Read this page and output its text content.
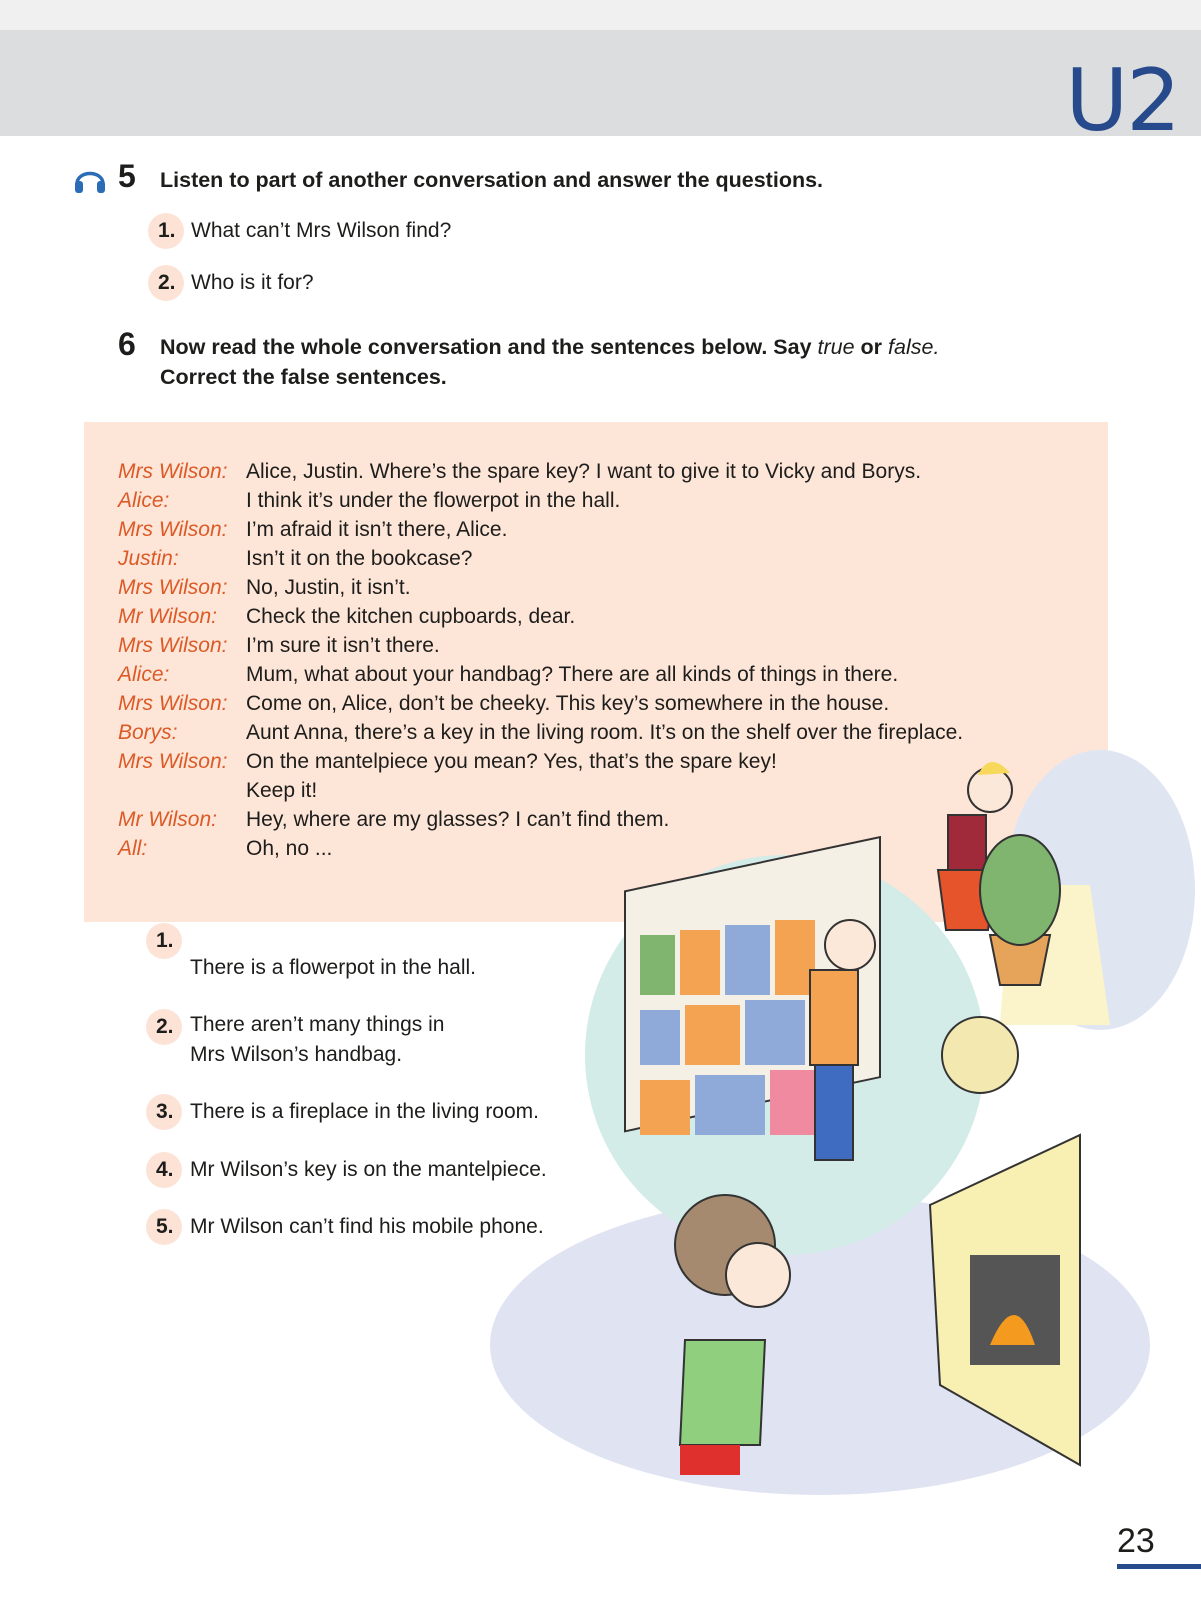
U2
5 Listen to part of another conversation and answer the questions.
1. What can’t Mrs Wilson find?
2. Who is it for?
6 Now read the whole conversation and the sentences below. Say true or false.
Correct the false sentences.
Mrs Wilson: Alice, Justin. Where’s the spare key? I want to give it to Vicky and Borys.
Alice:	I think it’s under the flowerpot in the hall.
Mrs Wilson: I’m afraid it isn’t there, Alice.
Justin:	Isn’t it on the bookcase?
Mrs Wilson: No, Justin, it isn’t.
Mr Wilson:	Check the kitchen cupboards, dear.
Mrs Wilson: I’m sure it isn’t there.
Alice:	Mum, what about your handbag? There are all kinds of things in there.
Mrs Wilson: Come on, Alice, don’t be cheeky. This key’s somewhere in the house.
Borys:	Aunt Anna, there’s a key in the living room. It’s on the shelf over the fireplace.
Mrs Wilson: On the mantelpiece you mean? Yes, that’s the spare key!
Keep it!
Mr Wilson:	Hey, where are my glasses? I can’t find them.
All:	Oh, no ...
1.
There is a flowerpot in the hall.
2. There aren’t many things in
Mrs Wilson’s handbag.
3. There is a fireplace in the living room.
4. Mr Wilson’s key is on the mantelpiece.
5. Mr Wilson can’t find his mobile phone.
23
